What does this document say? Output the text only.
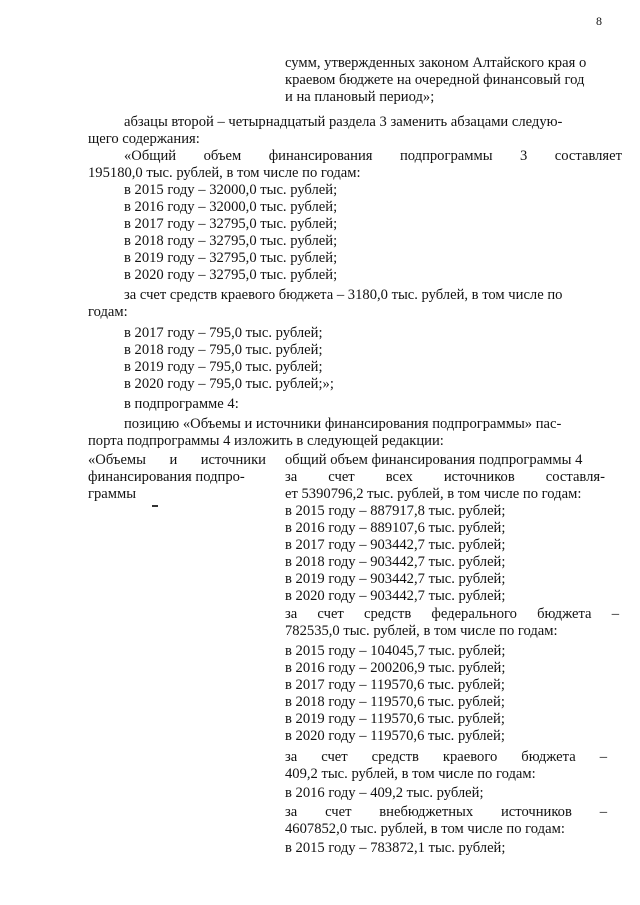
8
сумм, утвержденных законом Алтайского края о
краевом бюджете на очередной финансовый год
и на плановый период»;
абзацы второй – четырнадцатый раздела 3 заменить абзацами следую-
щего содержания:
«Общий объем финансирования подпрограммы 3 составляет
195180,0 тыс. рублей, в том числе по годам:
в 2015 году – 32000,0 тыс. рублей;
в 2016 году – 32000,0 тыс. рублей;
в 2017 году – 32795,0 тыс. рублей;
в 2018 году – 32795,0 тыс. рублей;
в 2019 году – 32795,0 тыс. рублей;
в 2020 году – 32795,0 тыс. рублей;
за счет средств краевого бюджета – 3180,0 тыс. рублей, в том числе по
годам:
в 2017 году – 795,0 тыс. рублей;
в 2018 году – 795,0 тыс. рублей;
в 2019 году – 795,0 тыс. рублей;
в 2020 году – 795,0 тыс. рублей;»;
в подпрограмме 4:
позицию «Объемы и источники финансирования подпрограммы» пас-
порта подпрограммы 4 изложить в следующей редакции:
«Объемы и источники
финансирования подпро-
граммы
общий объем финансирования подпрограммы 4
за счет всех источников составля-
ет 5390796,2 тыс. рублей, в том числе по годам:
в 2015 году – 887917,8 тыс. рублей;
в 2016 году – 889107,6 тыс. рублей;
в 2017 году – 903442,7 тыс. рублей;
в 2018 году – 903442,7 тыс. рублей;
в 2019 году – 903442,7 тыс. рублей;
в 2020 году – 903442,7 тыс. рублей;
за счет средств федерального бюджета –
782535,0 тыс. рублей, в том числе по годам:
в 2015 году – 104045,7 тыс. рублей;
в 2016 году – 200206,9 тыс. рублей;
в 2017 году – 119570,6 тыс. рублей;
в 2018 году – 119570,6 тыс. рублей;
в 2019 году – 119570,6 тыс. рублей;
в 2020 году – 119570,6 тыс. рублей;
за счет средств краевого бюджета –
409,2 тыс. рублей, в том числе по годам:
в 2016 году – 409,2 тыс. рублей;
за счет внебюджетных источников –
4607852,0 тыс. рублей, в том числе по годам:
в 2015 году – 783872,1 тыс. рублей;
